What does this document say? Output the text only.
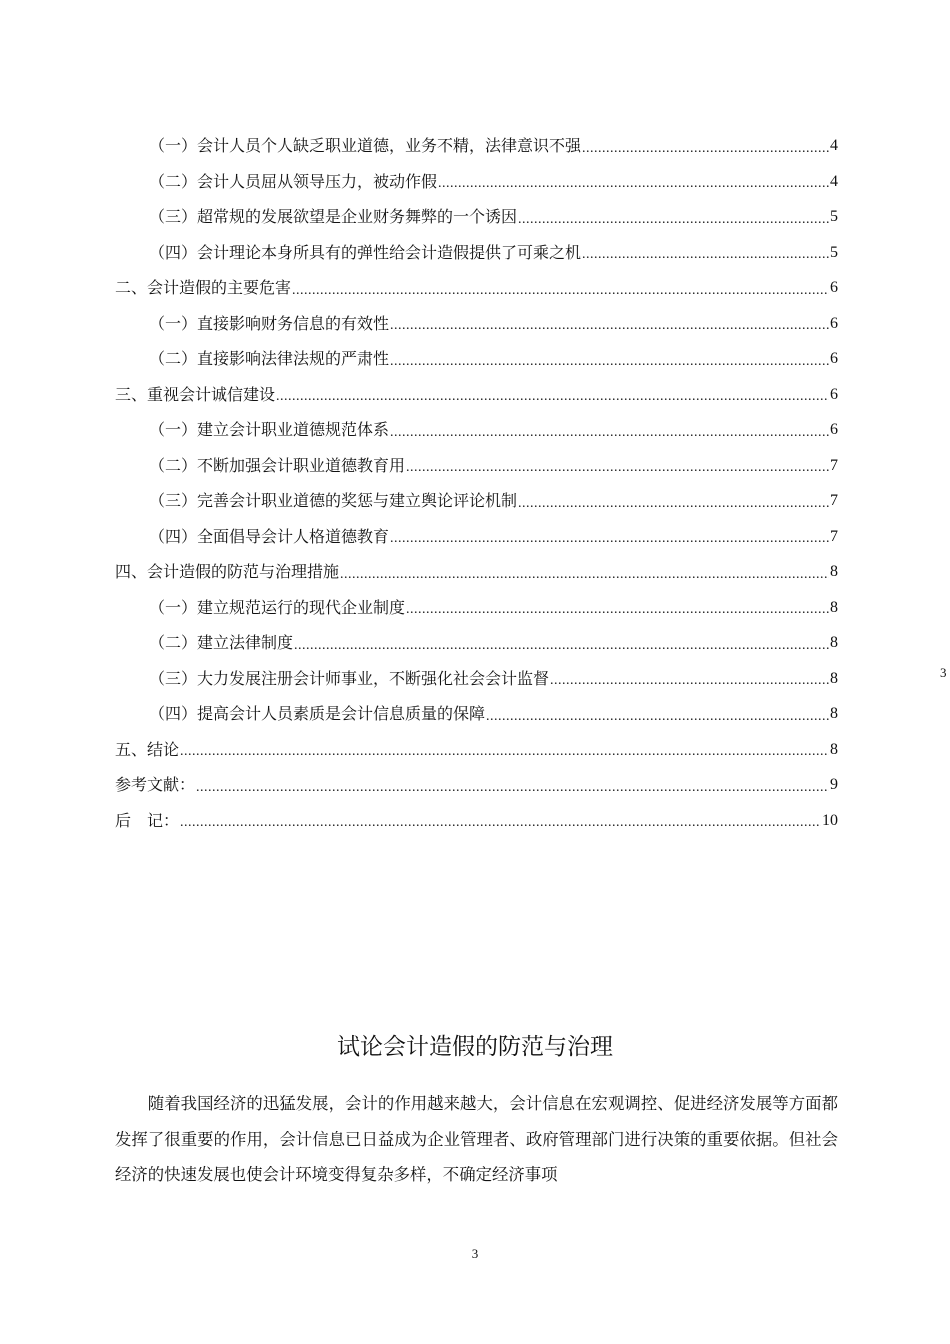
（一）会计人员个人缺乏职业道德，业务不精，法律意识不强 .....	4
（二）会计人员屈从领导压力，被动作假 .....	4
（三）超常规的发展欲望是企业财务舞弊的一个诱因 .....	5
（四）会计理论本身所具有的弹性给会计造假提供了可乘之机 .....	5
二、会计造假的主要危害 .....	6
（一）直接影响财务信息的有效性 .....	6
（二）直接影响法律法规的严肃性 .....	6
三、重视会计诚信建设 .....	6
（一）建立会计职业道德规范体系 .....	6
（二）不断加强会计职业道德教育用 .....	7
（三）完善会计职业道德的奖惩与建立舆论评论机制 .....	7
（四）全面倡导会计人格道德教育 .....	7
四、会计造假的防范与治理措施 .....	8
（一）建立规范运行的现代企业制度 .....	8
（二）建立法律制度 .....	8
（三）大力发展注册会计师事业，不断强化社会会计监督 .....	8
（四）提高会计人员素质是会计信息质量的保障 .....	8
五、结论 .....	8
参考文献： .....	9
后　记： .....	10
3
试论会计造假的防范与治理

随着我国经济的迅猛发展，会计的作用越来越大，会计信息在宏观调控、促进经济发展等方面都发挥了很重要的作用，会计信息已日益成为企业管理者、政府管理部门进行决策的重要依据。但社会经济的快速发展也使会计环境变得复杂多样，不确定经济事项

3
